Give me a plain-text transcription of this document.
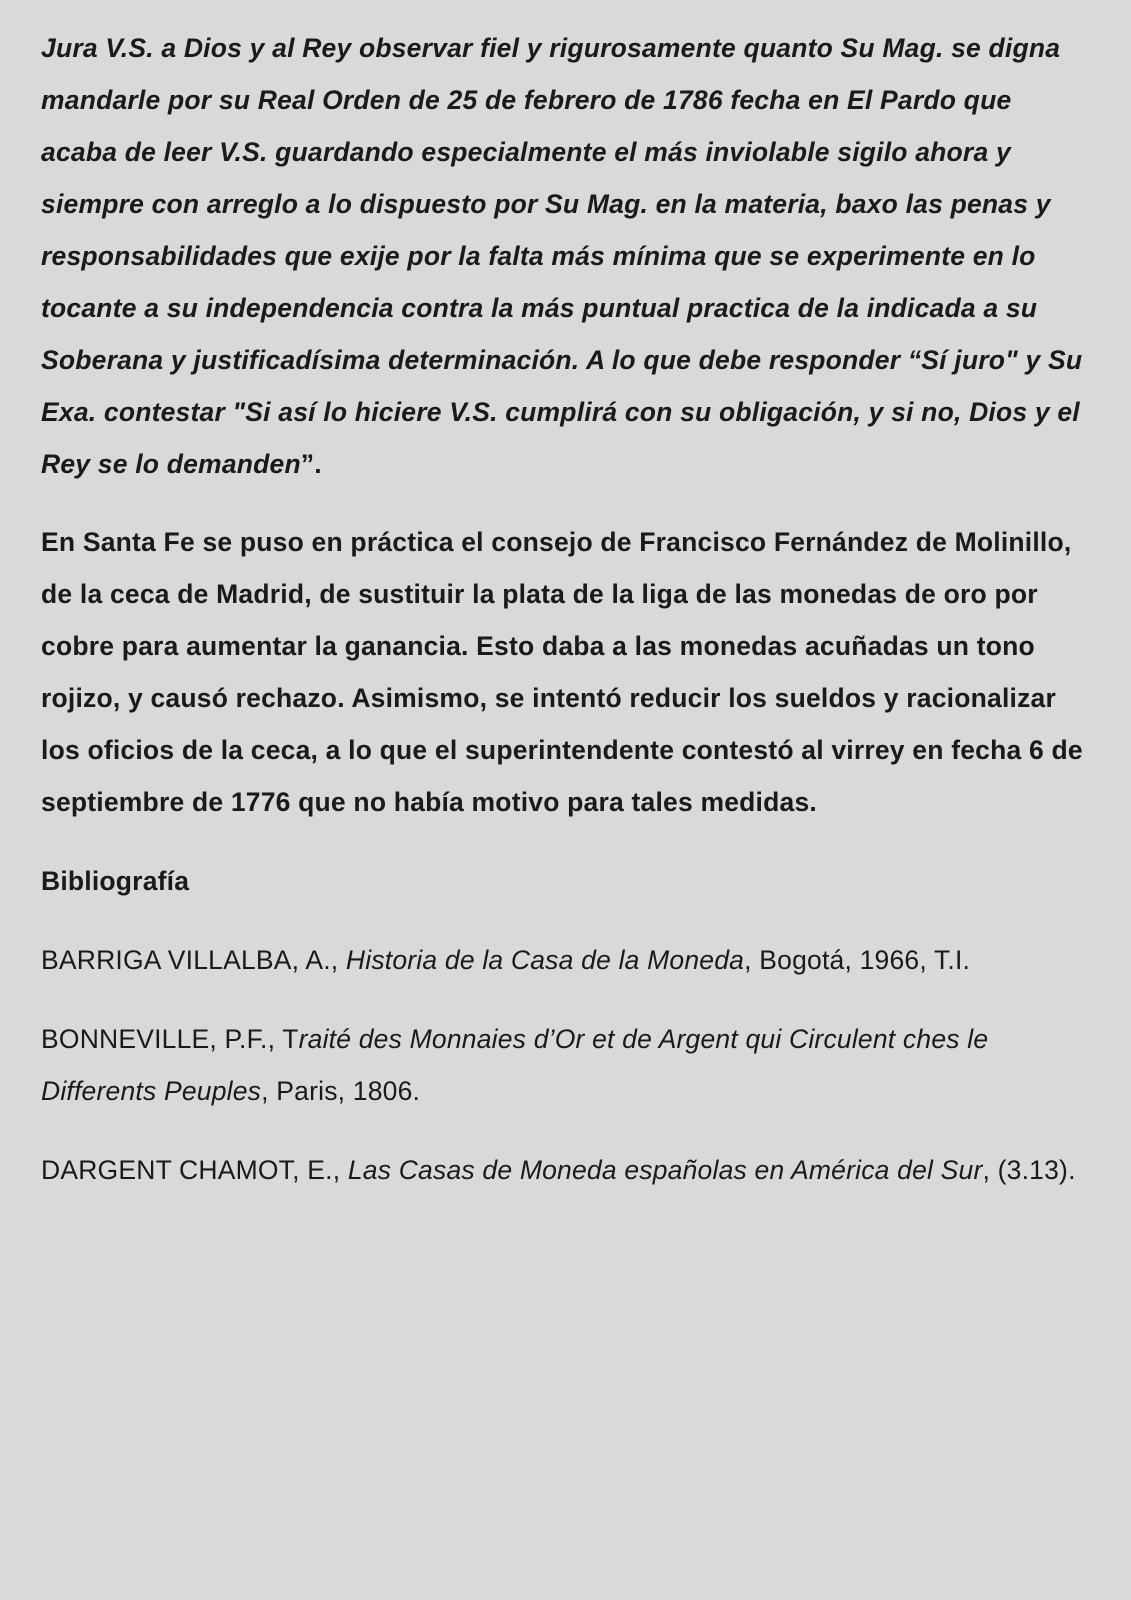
Jura V.S. a Dios y al Rey observar fiel y rigurosamente quanto Su Mag. se digna mandarle por su Real Orden de 25 de febrero de 1786 fecha en El Pardo que acaba de leer V.S. guardando especialmente el más inviolable sigilo ahora y siempre con arreglo a lo dispuesto por Su Mag. en la materia, baxo las penas y responsabilidades que exije por la falta más mínima que se experimente en lo tocante a su independencia contra la más puntual practica de la indicada a su Soberana y justificadísima determinación. A lo que debe responder “Sí juro" y Su Exa. contestar "Si así lo hiciere V.S. cumplirá con su obligación, y si no, Dios y el Rey se lo demanden”.

En Santa Fe se puso en práctica el consejo de Francisco Fernández de Molinillo, de la ceca de Madrid, de sustituir la plata de la liga de las monedas de oro por cobre para aumentar la ganancia. Esto daba a las monedas acuñadas un tono rojizo, y causó rechazo. Asimismo, se intentó reducir los sueldos y racionalizar los oficios de la ceca, a lo que el superintendente contestó al virrey en fecha 6 de septiembre de 1776 que no había motivo para tales medidas.

Bibliografía

BARRIGA VILLALBA, A., Historia de la Casa de la Moneda, Bogotá, 1966, T.I.

BONNEVILLE, P.F., Traité des Monnaies d’Or et de Argent qui Circulent ches le Differents Peuples, Paris, 1806.

DARGENT CHAMOT, E., Las Casas de Moneda españolas en América del Sur, (3.13).
